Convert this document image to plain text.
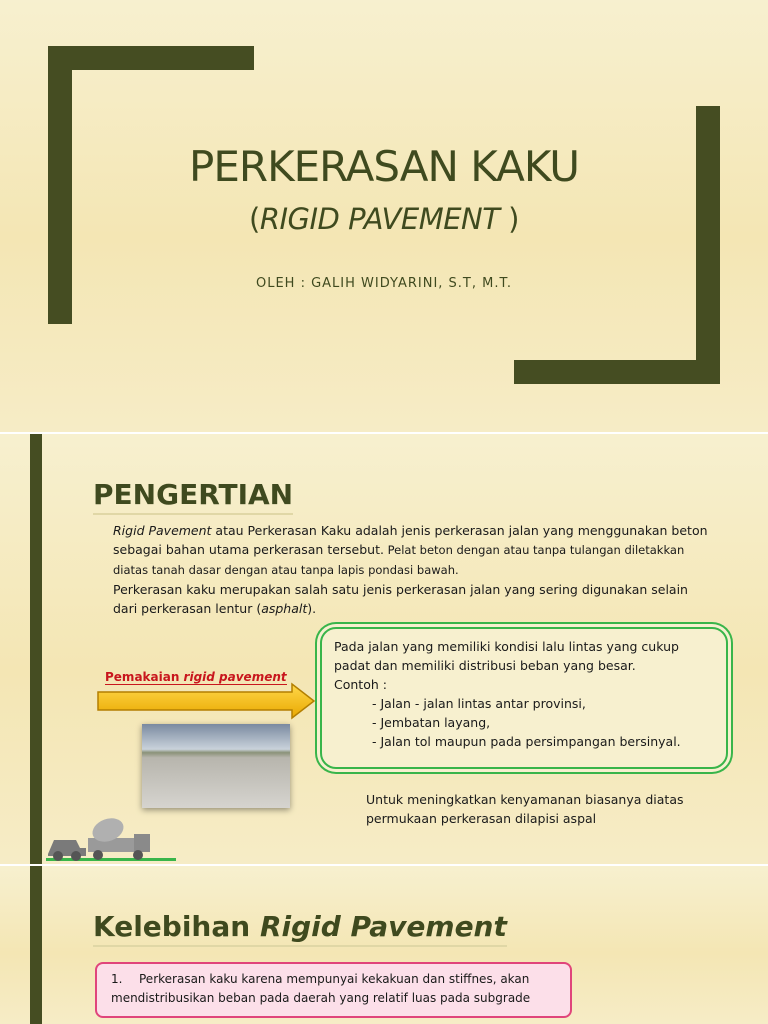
PERKERASAN KAKU
(RIGID PAVEMENT )
OLEH : GALIH WIDYARINI, S.T, M.T.
PENGERTIAN
Rigid Pavement atau Perkerasan Kaku adalah jenis perkerasan jalan yang menggunakan beton sebagai bahan utama perkerasan tersebut. Pelat beton dengan atau tanpa tulangan diletakkan diatas tanah dasar dengan atau tanpa lapis pondasi bawah.
Perkerasan kaku merupakan salah satu jenis perkerasan jalan yang sering digunakan selain dari perkerasan lentur (asphalt).
Pemakaian rigid pavement
Pada jalan yang memiliki kondisi lalu lintas yang cukup padat dan memiliki distribusi beban yang besar.
Contoh :
- Jalan - jalan lintas antar provinsi,
- Jembatan layang,
- Jalan tol maupun pada persimpangan bersinyal.
Untuk meningkatkan kenyamanan biasanya diatas permukaan perkerasan dilapisi aspal
Kelebihan Rigid Pavement
1. Perkerasan kaku karena mempunyai kekakuan dan stiffnes, akan mendistribusikan beban pada daerah yang relatif luas pada subgrade
